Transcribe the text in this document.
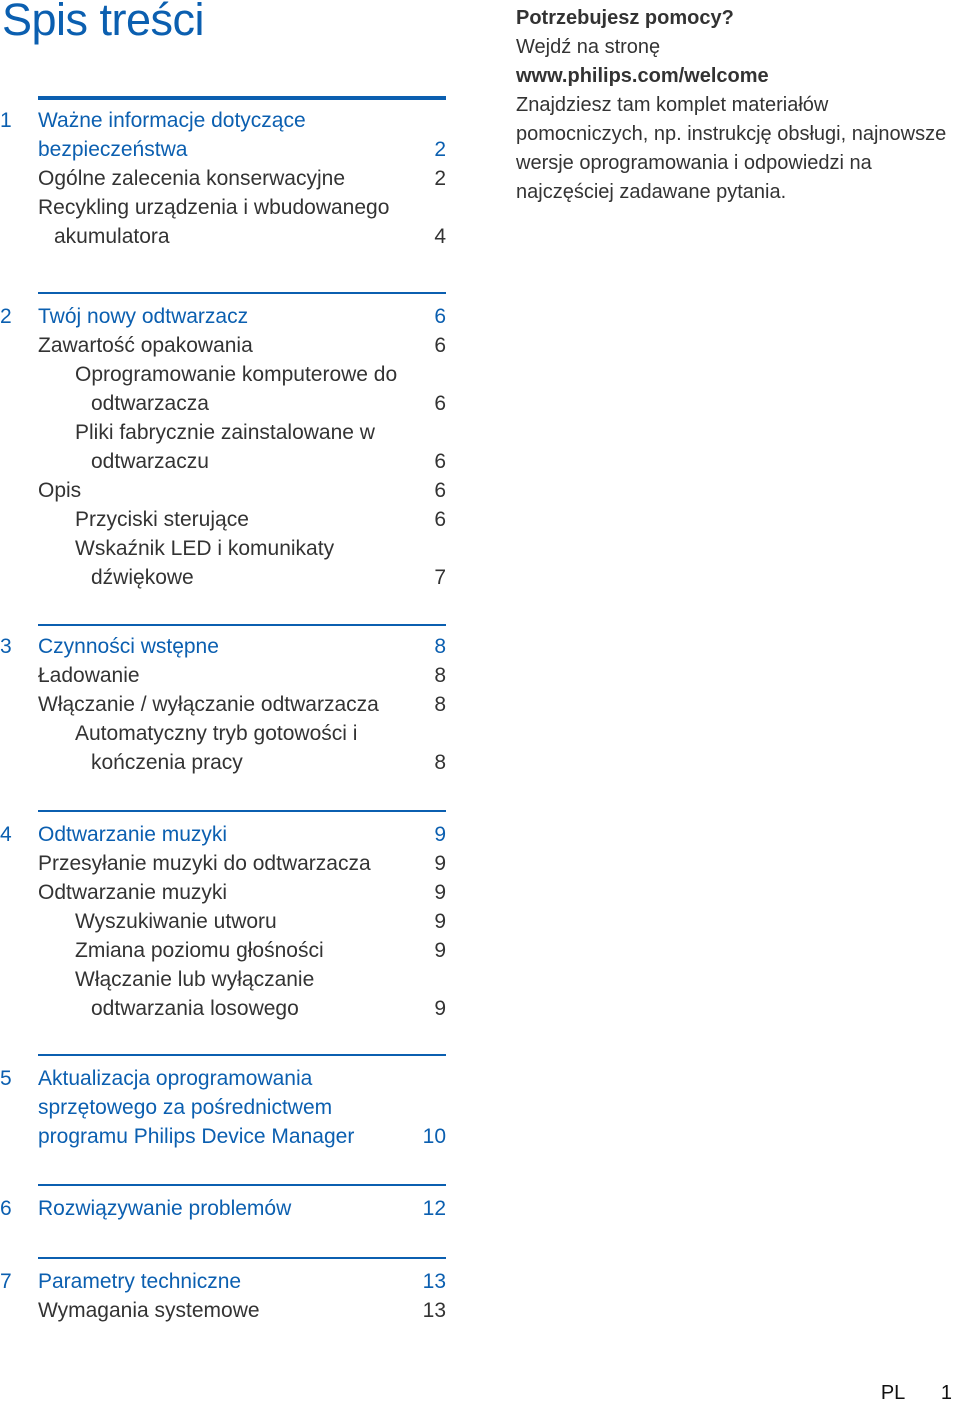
Spis treści	Potrzebujesz pomocy?
Wejdź na stronę
www.philips.com/welcome
Znajdziesz tam komplet materiałów pomocniczych, np. instrukcję obsługi, najnowsze wersje oprogramowania i odpowiedzi na najczęściej zadawane pytania.
1	Ważne informacje dotyczące bezpieczeństwa	2
Ogólne zalecenia konserwacyjne	2
Recykling urządzenia i wbudowanego akumulatora	4
2	Twój nowy odtwarzacz	6
Zawartość opakowania	6
Oprogramowanie komputerowe do odtwarzacza	6
Pliki fabrycznie zainstalowane w odtwarzaczu	6
Opis	6
Przyciski sterujące	6
Wskaźnik LED i komunikaty dźwiękowe	7
3	Czynności wstępne	8
Ładowanie	8
Włączanie / wyłączanie odtwarzacza	8
Automatyczny tryb gotowości i kończenia pracy	8
4	Odtwarzanie muzyki	9
Przesyłanie muzyki do odtwarzacza	9
Odtwarzanie muzyki	9
Wyszukiwanie utworu	9
Zmiana poziomu głośności	9
Włączanie lub wyłączanie odtwarzania losowego	9
5	Aktualizacja oprogramowania sprzętowego za pośrednictwem programu Philips Device Manager	10
6	Rozwiązywanie problemów	12
7	Parametry techniczne	13
Wymagania systemowe	13
PL 1
